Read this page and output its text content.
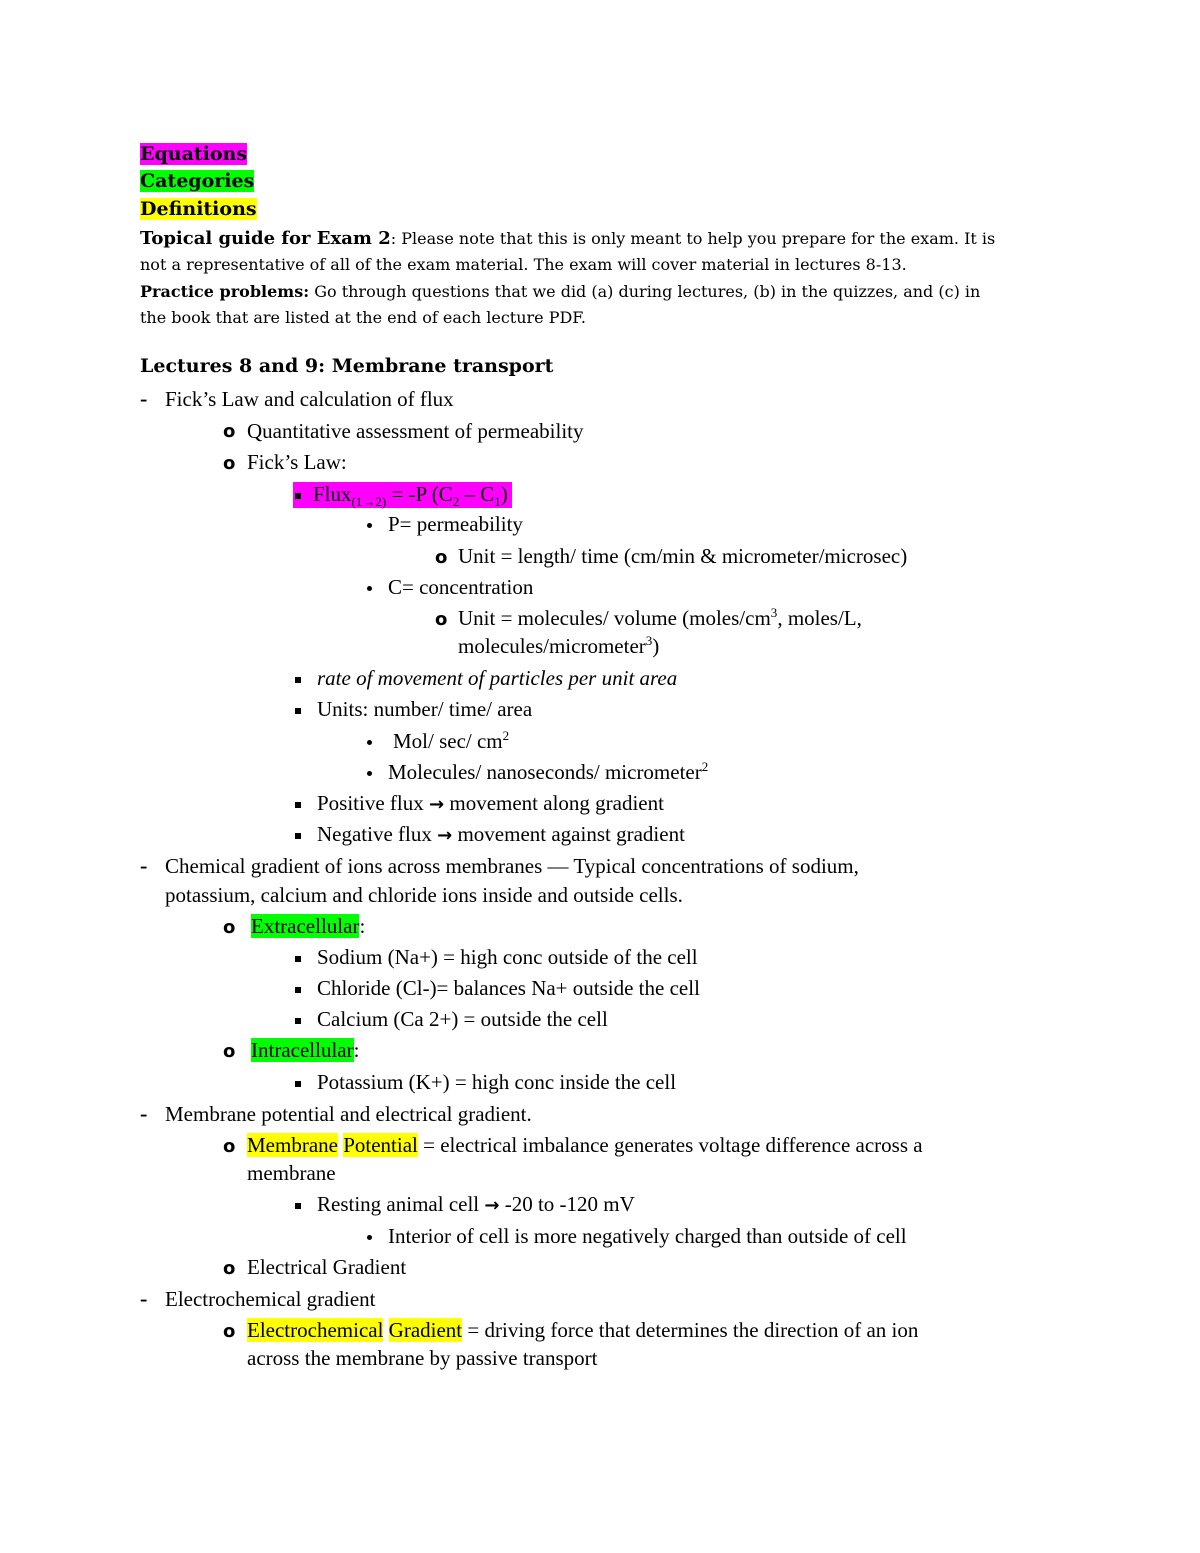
Equations
Categories
Definitions
Topical guide for Exam 2: Please note that this is only meant to help you prepare for the exam. It is
not a representative of all of the exam material. The exam will cover material in lectures 8-13.
Practice problems: Go through questions that we did (a) during lectures, (b) in the quizzes, and (c) in
the book that are listed at the end of each lecture PDF.
Lectures 8 and 9: Membrane transport
- Fick’s Law and calculation of flux
o Quantitative assessment of permeability
o Fick’s Law:
Flux$_{(1\to 2)}$ = -P $(C_2 - C_1)$
P= permeability
o Unit = length/ time (cm/min & micrometer/microsec)
C= concentration
o Unit = molecules/ volume ($moles/cm^3$, moles/L,
molecules/micrometer$^3$)
rate of movement of particles per unit area
Units: number/ time/ area
Mol/ sec/ $cm^2$
Molecules/ nanoseconds/ micrometer$^2$
Positive flux → movement along gradient
Negative flux → movement against gradient
- Chemical gradient of ions across membranes — Typical concentrations of sodium,
potassium, calcium and chloride ions inside and outside cells.
o Extracellular:
Sodium (Na+) = high conc outside of the cell
Chloride (Cl-)= balances Na+ outside the cell
Calcium (Ca 2+) = outside the cell
o Intracellular:
Potassium (K+) = high conc inside the cell
- Membrane potential and electrical gradient.
o Membrane Potential = electrical imbalance generates voltage difference across a
membrane
Resting animal cell → -20 to -120 mV
Interior of cell is more negatively charged than outside of cell
o Electrical Gradient
- Electrochemical gradient
o Electrochemical Gradient = driving force that determines the direction of an ion
across the membrane by passive transport
